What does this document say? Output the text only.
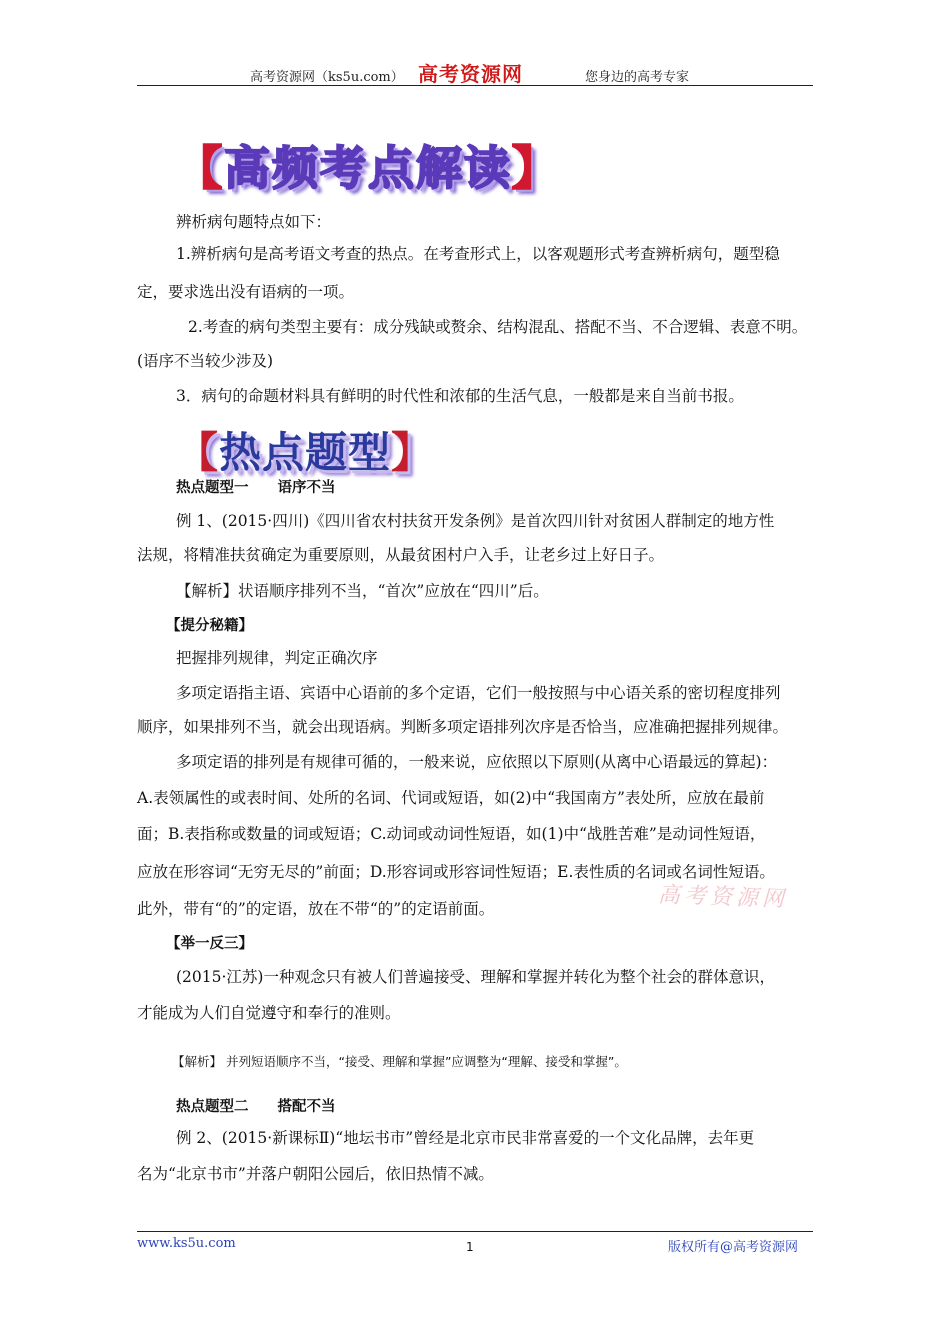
高考资源网（ks5u.com） 高考资源网	您身边的高考专家
【高频考点解读】
辨析病句题特点如下：
1.辨析病句是高考语文考查的热点。在考查形式上，以客观题形式考查辨析病句，题型稳
定，要求选出没有语病的一项。
2.考查的病句类型主要有：成分残缺或赘余、结构混乱、搭配不当、不合逻辑、表意不明。
(语序不当较少涉及)
3．病句的命题材料具有鲜明的时代性和浓郁的生活气息，一般都是来自当前书报。
【热点题型】
热点题型一　　语序不当
例 1、(2015·四川)《四川省农村扶贫开发条例》是首次四川针对贫困人群制定的地方性
法规，将精准扶贫确定为重要原则，从最贫困村户入手，让老乡过上好日子。
【解析】状语顺序排列不当，“首次”应放在“四川”后。
【提分秘籍】
把握排列规律，判定正确次序
多项定语指主语、宾语中心语前的多个定语，它们一般按照与中心语关系的密切程度排列
顺序，如果排列不当，就会出现语病。判断多项定语排列次序是否恰当，应准确把握排列规律。
多项定语的排列是有规律可循的，一般来说，应依照以下原则(从离中心语最远的算起)：
A.表领属性的或表时间、处所的名词、代词或短语，如(2)中“我国南方”表处所，应放在最前
面；B.表指称或数量的词或短语；C.动词或动词性短语，如(1)中“战胜苦难”是动词性短语，
应放在形容词“无穷无尽的”前面；D.形容词或形容词性短语；E.表性质的名词或名词性短语。
此外，带有“的”的定语，放在不带“的”的定语前面。	高考资源网
【举一反三】
(2015·江苏)一种观念只有被人们普遍接受、理解和掌握并转化为整个社会的群体意识，
才能成为人们自觉遵守和奉行的准则。
【解析】 并列短语顺序不当，“接受、理解和掌握”应调整为“理解、接受和掌握”。
热点题型二　　搭配不当
例 2、(2015·新课标Ⅱ)“地坛书市”曾经是北京市民非常喜爱的一个文化品牌，去年更
名为“北京书市”并落户朝阳公园后，依旧热情不减。
www.ks5u.com	1	版权所有@高考资源网
